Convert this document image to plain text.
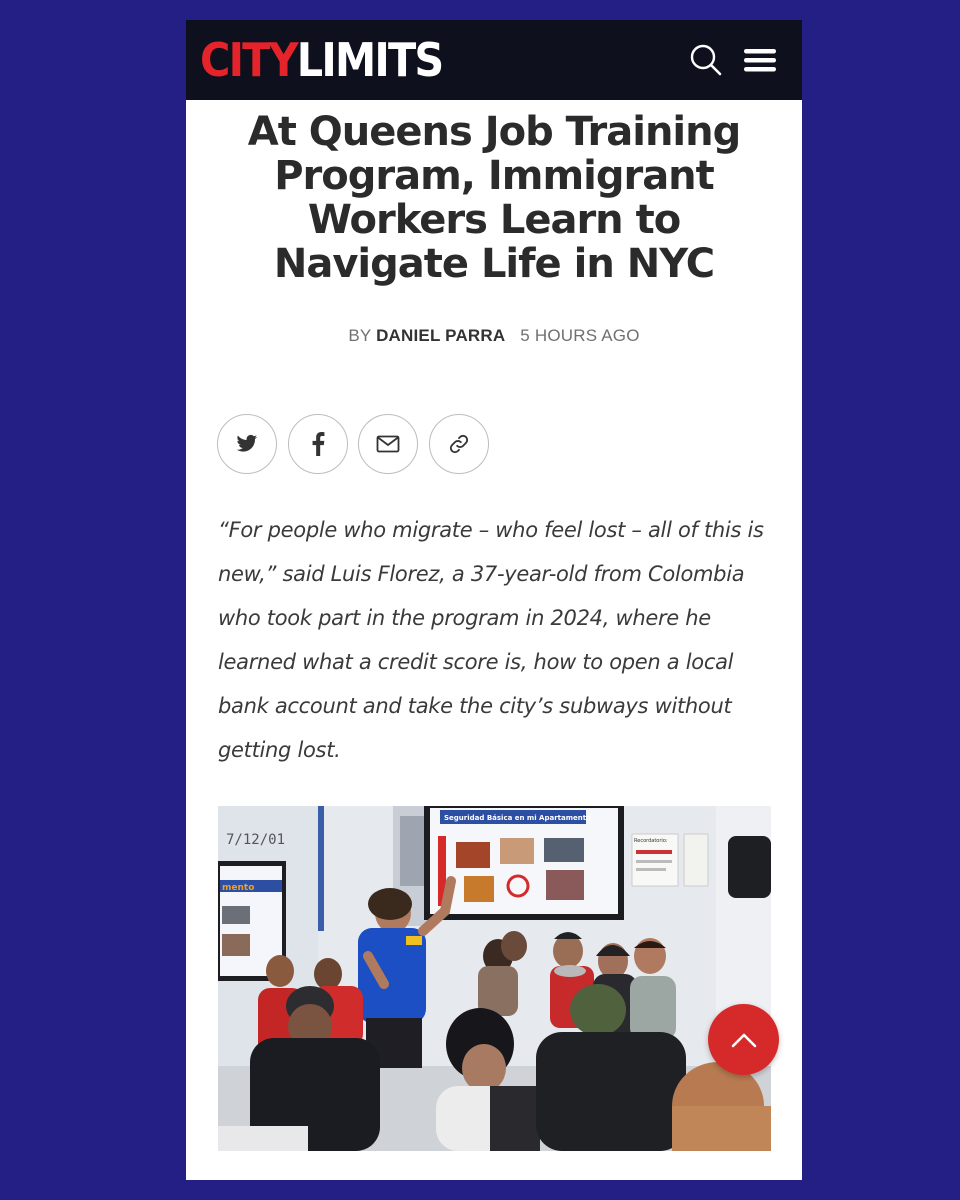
CITYLIMITS
At Queens Job Training Program, Immigrant Workers Learn to Navigate Life in NYC
BY DANIEL PARRA 5 HOURS AGO

“For people who migrate – who feel lost – all of this is new,” said Luis Florez, a 37-year-old from Colombia who took part in the program in 2024, where he learned what a credit score is, how to open a local bank account and take the city’s subways without getting lost.

7/12/01
mento
Seguridad Básica en mi Apartamento
Recordatorio:
